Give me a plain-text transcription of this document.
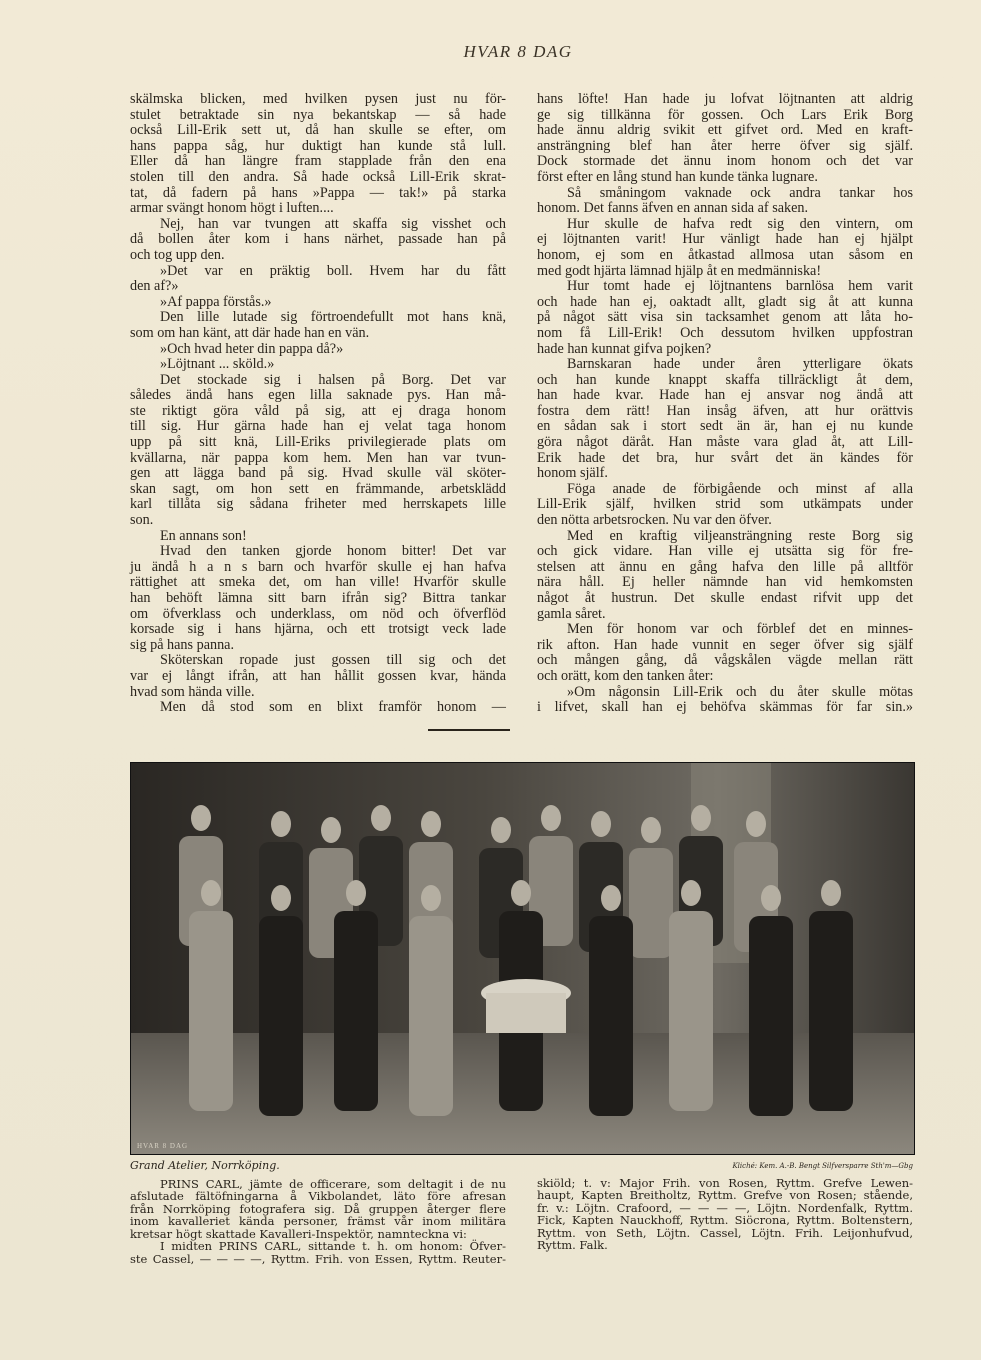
HVAR 8 DAG
skälmska blicken, med hvilken pysen just nu för-
stulet betraktade sin nya bekantskap — så hade
också Lill-Erik sett ut, då han skulle se efter, om
hans pappa såg, hur duktigt han kunde stå lull.
Eller då han längre fram stapplade från den ena
stolen till den andra. Så hade också Lill-Erik skrat-
tat, då fadern på hans »Pappa — tak!» på starka
armar svängt honom högt i luften....
Nej, han var tvungen att skaffa sig visshet och
då bollen åter kom i hans närhet, passade han på
och tog upp den.
»Det var en präktig boll. Hvem har du fått
den af?»
»Af pappa förstås.»
Den lille lutade sig förtroendefullt mot hans knä,
som om han känt, att där hade han en vän.
»Och hvad heter din pappa då?»
»Löjtnant ... sköld.»
Det stockade sig i halsen på Borg. Det var
således ändå hans egen lilla saknade pys. Han må-
ste riktigt göra våld på sig, att ej draga honom
till sig. Hur gärna hade han ej velat taga honom
upp på sitt knä, Lill-Eriks privilegierade plats om
kvällarna, när pappa kom hem. Men han var tvun-
gen att lägga band på sig. Hvad skulle väl sköter-
skan sagt, om hon sett en främmande, arbetsklädd
karl tillåta sig sådana friheter med herrskapets lille
son.
En annans son!
Hvad den tanken gjorde honom bitter! Det var
ju ändå h a n s barn och hvarför skulle ej han hafva
rättighet att smeka det, om han ville! Hvarför skulle
han behöft lämna sitt barn ifrån sig? Bittra tankar
om öfverklass och underklass, om nöd och öfverflöd
korsade sig i hans hjärna, och ett trotsigt veck lade
sig på hans panna.
Sköterskan ropade just gossen till sig och det
var ej långt ifrån, att han hållit gossen kvar, hända
hvad som hända ville.
Men då stod som en blixt framför honom —
hans löfte! Han hade ju lofvat löjtnanten att aldrig
ge sig tillkänna för gossen. Och Lars Erik Borg
hade ännu aldrig svikit ett gifvet ord. Med en kraft-
ansträngning blef han åter herre öfver sig själf.
Dock stormade det ännu inom honom och det var
först efter en lång stund han kunde tänka lugnare.
Så småningom vaknade ock andra tankar hos
honom. Det fanns äfven en annan sida af saken.
Hur skulle de hafva redt sig den vintern, om
ej löjtnanten varit! Hur vänligt hade han ej hjälpt
honom, ej som en åtkastad allmosa utan såsom en
med godt hjärta lämnad hjälp åt en medmänniska!
Hur tomt hade ej löjtnantens barnlösa hem varit
och hade han ej, oaktadt allt, gladt sig åt att kunna
på något sätt visa sin tacksamhet genom att låta ho-
nom få Lill-Erik! Och dessutom hvilken uppfostran
hade han kunnat gifva pojken?
Barnskaran hade under åren ytterligare ökats
och han kunde knappt skaffa tillräckligt åt dem,
han hade kvar. Hade han ej ansvar nog ändå att
fostra dem rätt! Han insåg äfven, att hur orättvis
en sådan sak i stort sedt än är, han ej nu kunde
göra något däråt. Han måste vara glad åt, att Lill-
Erik hade det bra, hur svårt det än kändes för
honom själf.
Föga anade de förbigående och minst af alla
Lill-Erik själf, hvilken strid som utkämpats under
den nötta arbetsrocken. Nu var den öfver.
Med en kraftig viljeansträngning reste Borg sig
och gick vidare. Han ville ej utsätta sig för fre-
stelsen att ännu en gång hafva den lille på alltför
nära håll. Ej heller nämnde han vid hemkomsten
något åt hustrun. Det skulle endast rifvit upp det
gamla såret.
Men för honom var och förblef det en minnes-
rik afton. Han hade vunnit en seger öfver sig själf
och mången gång, då vågskålen vägde mellan rätt
och orätt, kom den tanken åter:
»Om någonsin Lill-Erik och du åter skulle mötas
i lifvet, skall han ej behöfva skämmas för far sin.»
HVAR 8 DAG
Grand Atelier, Norrköping.
PRINS CARL, jämte de officerare, som deltagit i de nu
afslutade fältöfningarna å Vikbolandet, läto före afresan
från Norrköping fotografera sig. Då gruppen återger flere
inom kavalleriet kända personer, främst vår inom militära
kretsar högt skattade Kavalleri-Inspektör, namnteckna vi:
I midten PRINS CARL, sittande t. h. om honom: Öfver-
ste Cassel, — — — —, Ryttm. Frih. von Essen, Ryttm. Reuter-
Kliché: Kem. A.-B. Bengt Silfversparre Sth'm—Gbg
skiöld; t. v: Major Frih. von Rosen, Ryttm. Grefve Lewen-
haupt, Kapten Breitholtz, Ryttm. Grefve von Rosen; stående,
fr. v.: Löjtn. Crafoord, — — — —, Löjtn. Nordenfalk, Ryttm.
Fick, Kapten Nauckhoff, Ryttm. Siöcrona, Ryttm. Boltenstern,
Ryttm. von Seth, Löjtn. Cassel, Löjtn. Frih. Leijonhufvud,
Ryttm. Falk.
